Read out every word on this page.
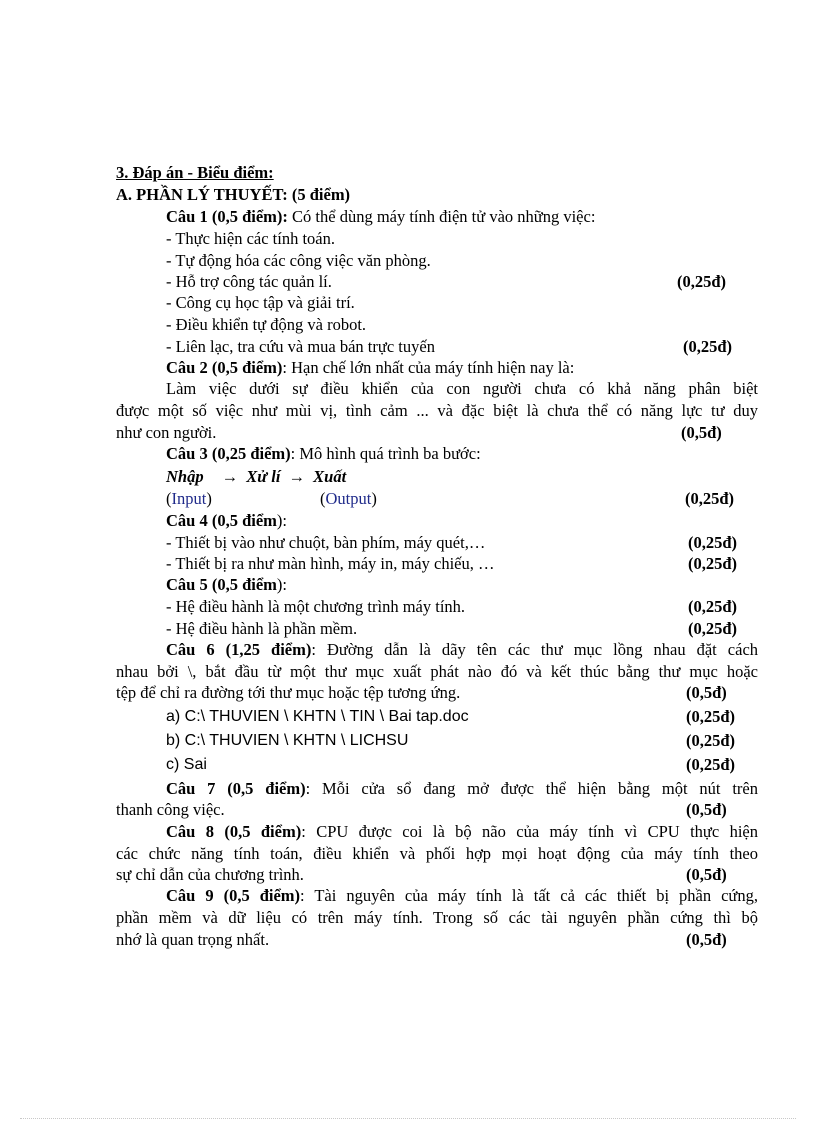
3. Đáp án - Biểu điểm:
A. PHẦN LÝ THUYẾT: (5 điểm)
Câu 1 (0,5 điểm): Có thể dùng máy tính điện tử vào những việc:
- Thực hiện các tính toán.
- Tự động hóa các công việc văn phòng.
- Hỗ trợ công tác quản lí.	(0,25đ)
- Công cụ học tập và giải trí.
- Điều khiển tự động và robot.
- Liên lạc, tra cứu và mua bán trực tuyến	(0,25đ)
Câu 2 (0,5 điểm): Hạn chế lớn nhất của máy tính hiện nay là:
Làm việc dưới sự điều khiển của con người chưa có khả năng phân biệt
được một số việc như mùi vị, tình cảm ... và đặc biệt là chưa thể có năng lực tư duy
như con người.	(0,5đ)
Câu 3 (0,25 điểm): Mô hình quá trình ba bước:
Nhập → Xử lí → Xuất
(Input)	(Output)	(0,25đ)
Câu 4 (0,5 điểm):
- Thiết bị vào như chuột, bàn phím, máy quét,…	(0,25đ)
- Thiết bị ra như màn hình, máy in, máy chiếu, …	(0,25đ)
Câu 5 (0,5 điểm):
- Hệ điều hành là một chương trình máy tính.	(0,25đ)
- Hệ điều hành là phần mềm.	(0,25đ)
Câu 6 (1,25 điểm): Đường dẫn là dãy tên các thư mục lồng nhau đặt cách
nhau bởi \, bắt đầu từ một thư mục xuất phát nào đó và kết thúc bằng thư mục hoặc
tệp để chỉ ra đường tới thư mục hoặc tệp tương ứng.	(0,5đ)
a) C:\ THUVIEN \ KHTN \ TIN \ Bai tap.doc	(0,25đ)
b) C:\ THUVIEN \ KHTN \ LICHSU	(0,25đ)
c) Sai	(0,25đ)
Câu 7 (0,5 điểm): Mỗi cửa sổ đang mở được thể hiện bằng một nút trên
thanh công việc.	(0,5đ)
Câu 8 (0,5 điểm): CPU được coi là bộ não của máy tính vì CPU thực hiện
các chức năng tính toán, điều khiển và phối hợp mọi hoạt động của máy tính theo
sự chỉ dẫn của chương trình.	(0,5đ)
Câu 9 (0,5 điểm): Tài nguyên của máy tính là tất cả các thiết bị phần cứng,
phần mềm và dữ liệu có trên máy tính. Trong số các tài nguyên phần cứng thì bộ
nhớ là quan trọng nhất.	(0,5đ)
